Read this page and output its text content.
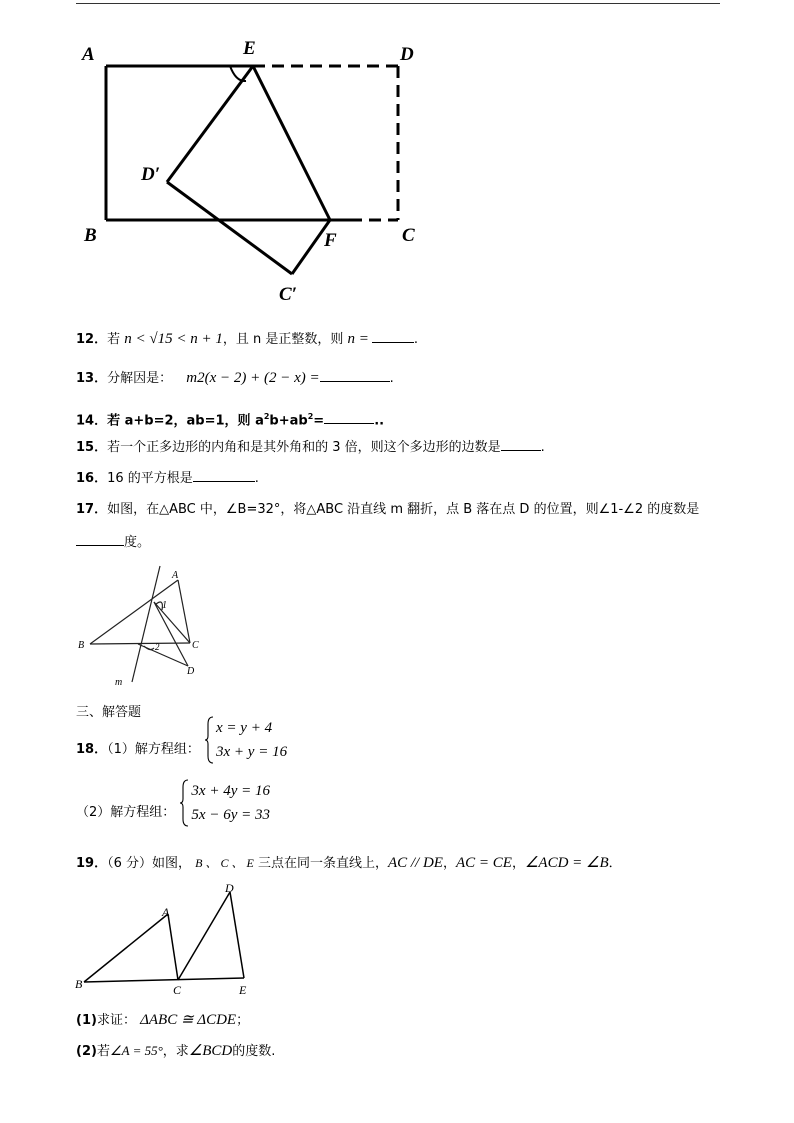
A	E	D
D′
B	F	C
C′
12．若 n < √15 < n + 1，且 n 是正整数，则 n =	.
13．分解因是： m2(x − 2) + (2 − x) =	.
14．若 a+b=2，ab=1，则 $a^2b+ab^2=$	..
15．若一个正多边形的内角和是其外角和的 3 倍，则这个多边形的边数是	.
16．16 的平方根是	.
17．如图，在△ABC 中，∠B=32°，将△ABC 沿直线 m 翻折，点 B 落在点 D 的位置，则∠1-∠2 的度数是
度。
A
B	C
D
1
2
m
三、解答题
18．（1）解方程组：
x = y + 4
3x + y = 16
（2）解方程组：
3x + 4y = 16
5x − 6y = 33
19．（6 分）如图， B 、 C 、 E 三点在同一条直线上，AC // DE，AC = CE，∠ACD = ∠B．
A
B	C
D
E
(1)求证： ΔABC ≅ ΔCDE；
(2)若∠A = 55°，求∠BCD的度数.
